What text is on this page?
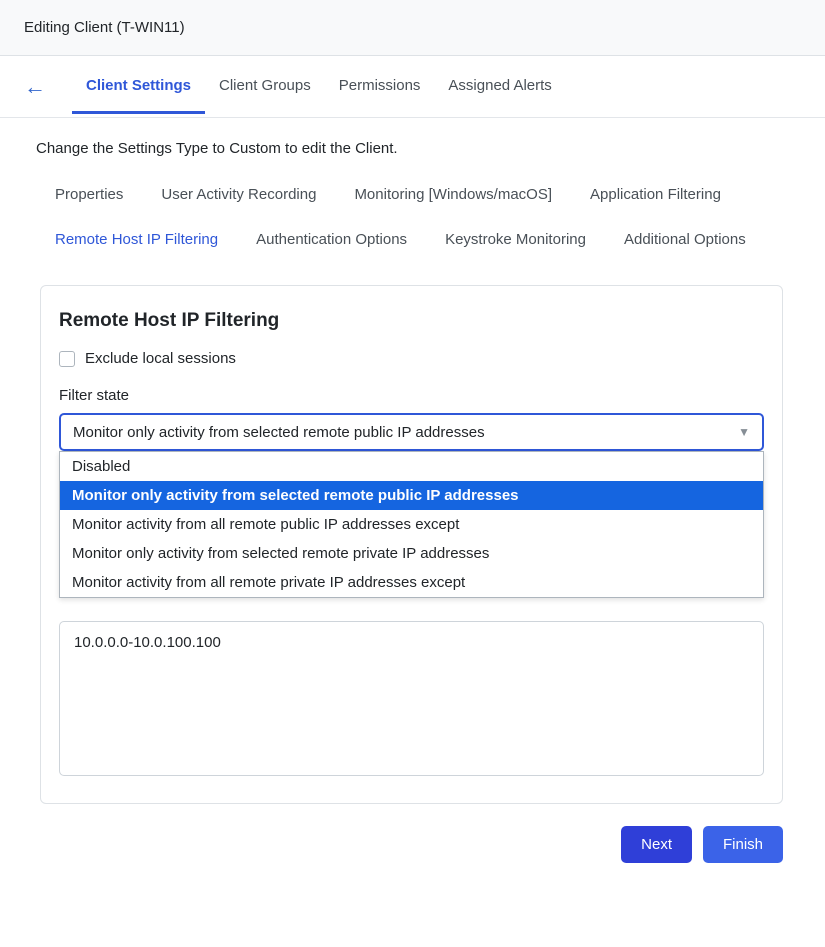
Editing Client (T-WIN11)
←	Client Settings	Client Groups	Permissions	Assigned Alerts
Change the Settings Type to Custom to edit the Client.
Properties	User Activity Recording	Monitoring [Windows/macOS]	Application Filtering
Remote Host IP Filtering	Authentication Options	Keystroke Monitoring	Additional Options
Remote Host IP Filtering
Exclude local sessions
Filter state
Monitor only activity from selected remote public IP addresses	▼
Disabled
Monitor only activity from selected remote public IP addresses
Monitor activity from all remote public IP addresses except
Monitor only activity from selected remote private IP addresses
Monitor activity from all remote private IP addresses except
10.0.0.0-10.0.100.100
Next	Finish
